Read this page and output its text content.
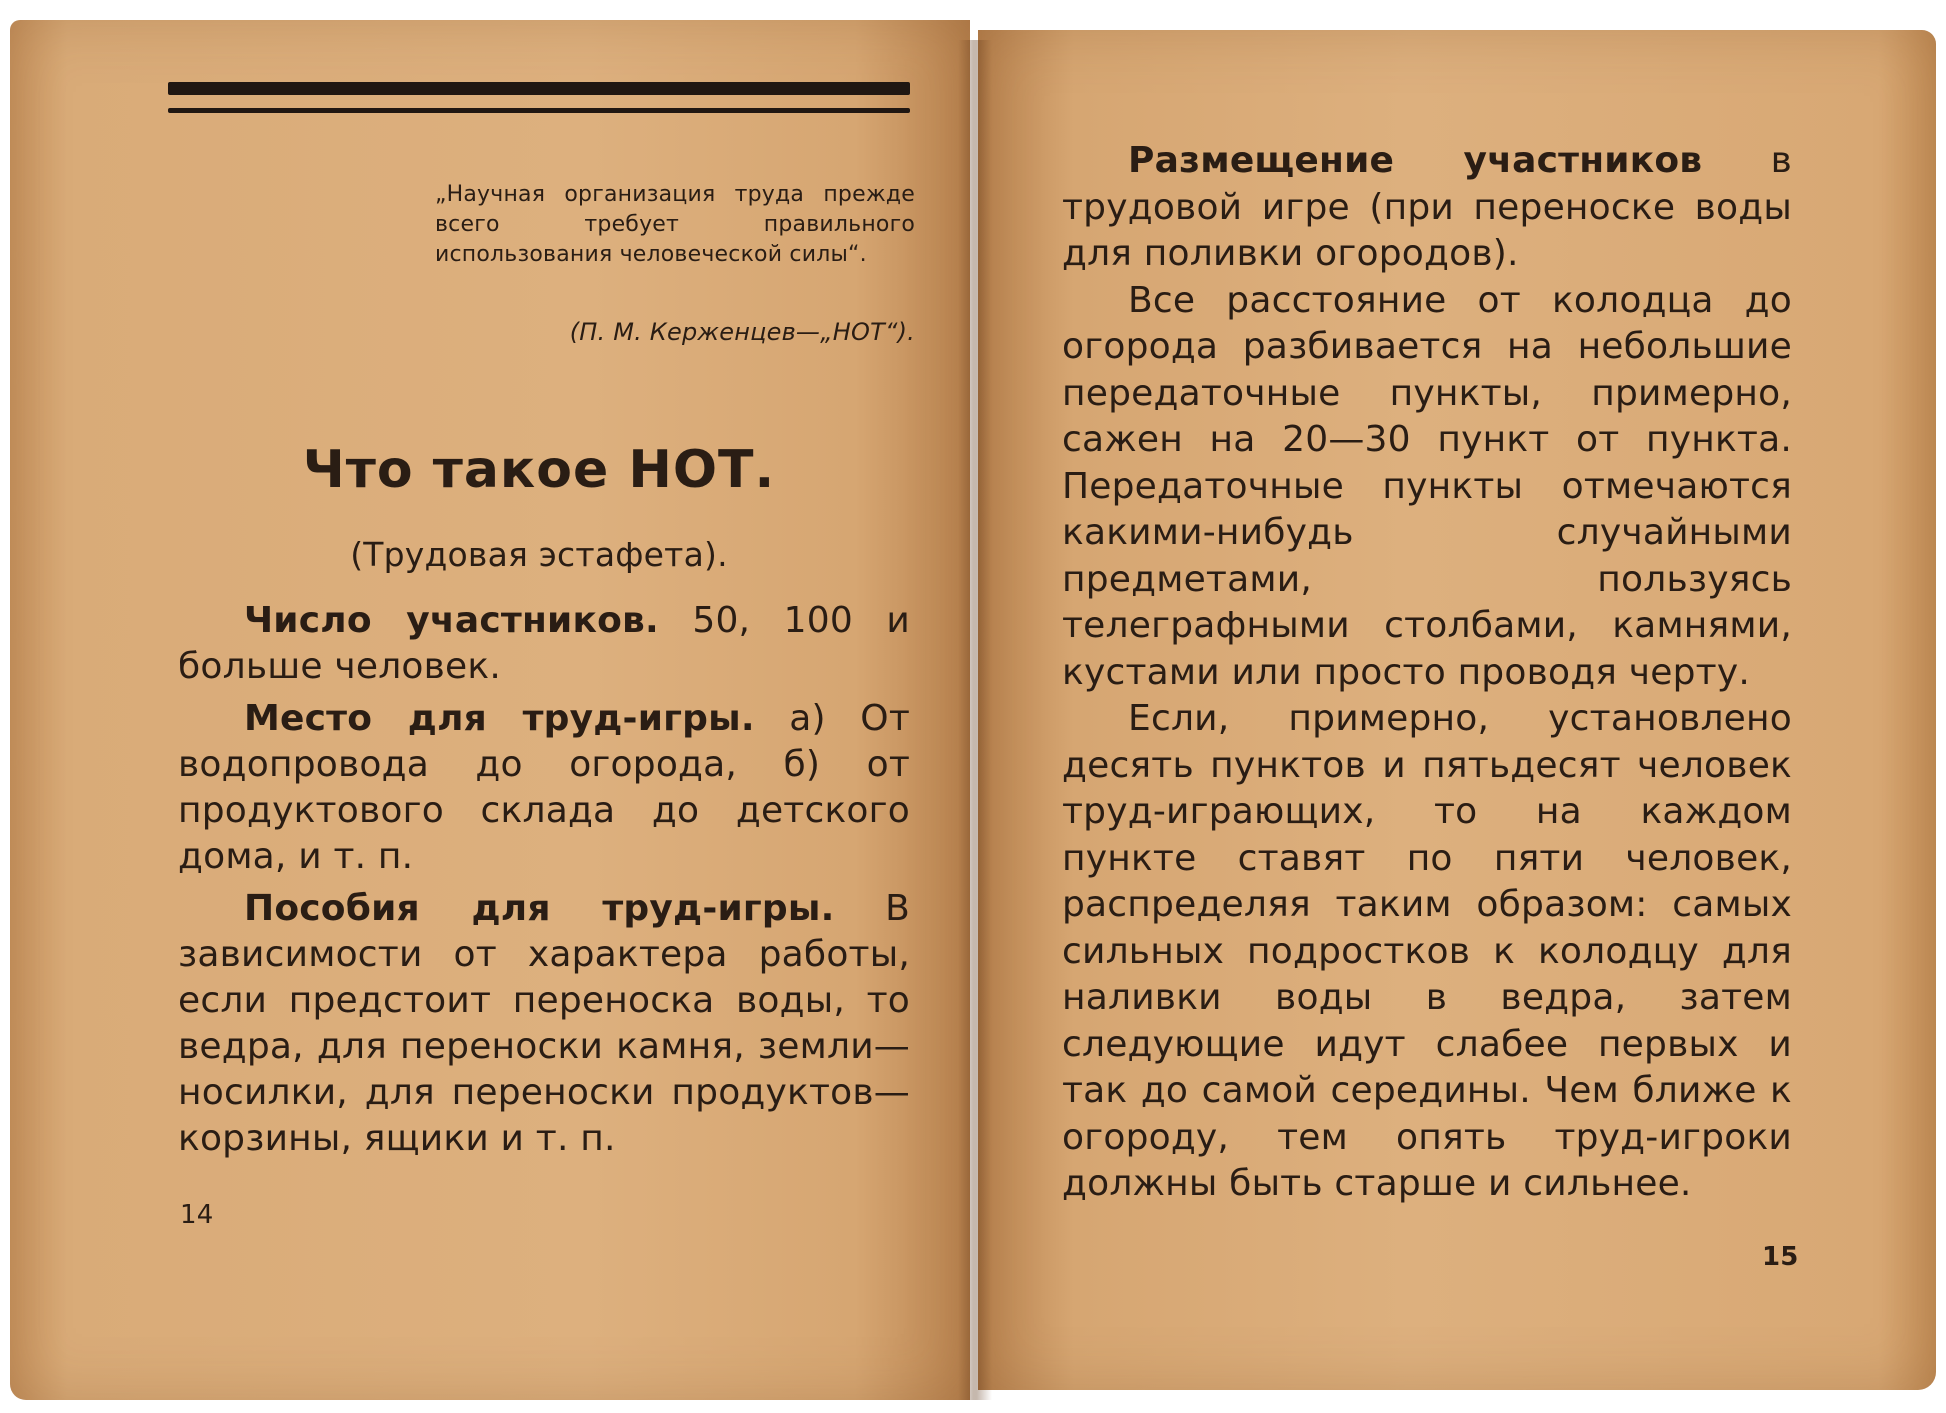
„Научная организация труда прежде всего требует правильного использования человеческой силы“.
(П. М. Керженцев—„НОТ“).
Что такое НОТ.
(Трудовая эстафета).

Число участников. 50, 100 и больше человек.

Место для труд-игры. а) От водопровода до огорода, б) от продуктового склада до детского дома, и т. п.

Пособия для труд-игры. В зависимости от характера работы, если предстоит переноска воды, то ведра, для переноски камня, земли—носилки, для переноски продуктов—корзины, ящики и т. п.

14

Размещение участников в трудовой игре (при переноске воды для поливки огородов).

Все расстояние от колодца до огорода разбивается на небольшие передаточные пункты, примерно, сажен на 20—30 пункт от пункта. Передаточные пункты отмечаются какими-нибудь случайными предметами, пользуясь телеграфными столбами, камнями, кустами или просто проводя черту.

Если, примерно, установлено десять пунктов и пятьдесят человек труд-играющих, то на каждом пункте ставят по пяти человек, распределяя таким образом: самых сильных подростков к колодцу для наливки воды в ведра, затем следующие идут слабее первых и так до самой середины. Чем ближе к огороду, тем опять труд-игроки должны быть старше и сильнее.

15
